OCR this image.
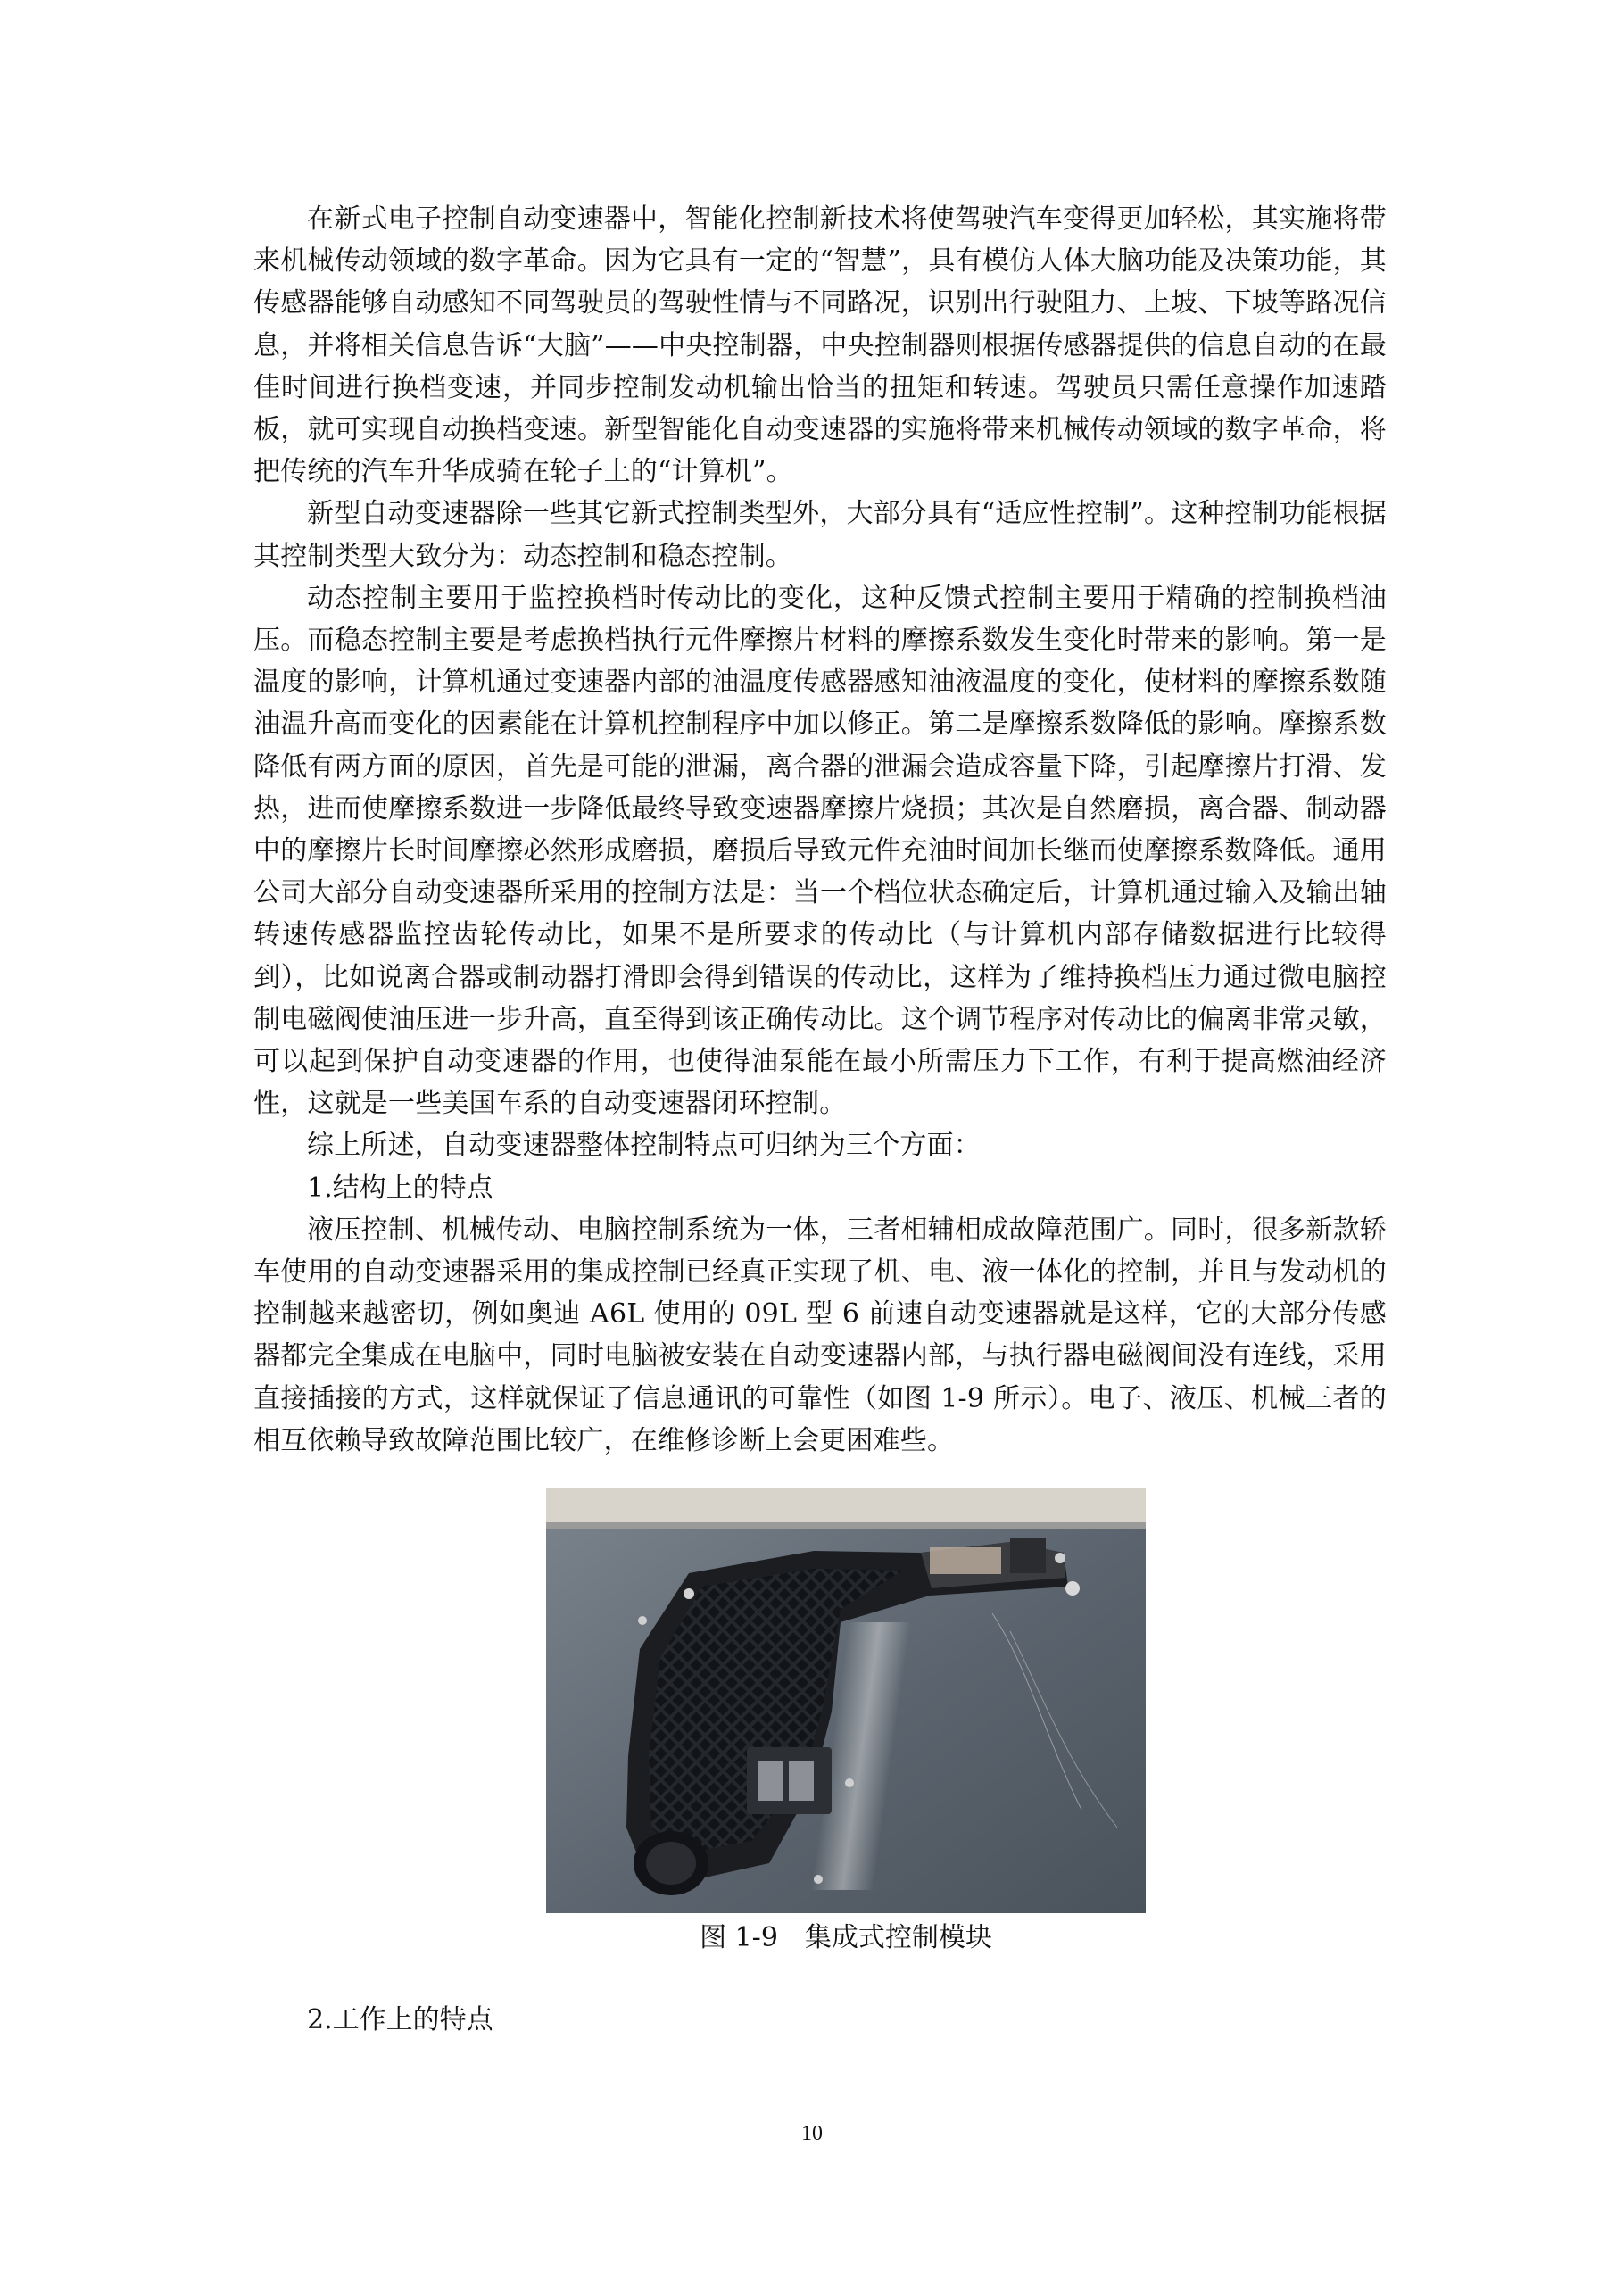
在新式电子控制自动变速器中，智能化控制新技术将使驾驶汽车变得更加轻松，其实施将带来机械传动领域的数字革命。因为它具有一定的“智慧”，具有模仿人体大脑功能及决策功能，其传感器能够自动感知不同驾驶员的驾驶性情与不同路况，识别出行驶阻力、上坡、下坡等路况信息，并将相关信息告诉“大脑”——中央控制器，中央控制器则根据传感器提供的信息自动的在最佳时间进行换档变速，并同步控制发动机输出恰当的扭矩和转速。驾驶员只需任意操作加速踏板，就可实现自动换档变速。新型智能化自动变速器的实施将带来机械传动领域的数字革命，将把传统的汽车升华成骑在轮子上的“计算机”。

新型自动变速器除一些其它新式控制类型外，大部分具有“适应性控制”。这种控制功能根据其控制类型大致分为：动态控制和稳态控制。

动态控制主要用于监控换档时传动比的变化，这种反馈式控制主要用于精确的控制换档油压。而稳态控制主要是考虑换档执行元件摩擦片材料的摩擦系数发生变化时带来的影响。第一是温度的影响，计算机通过变速器内部的油温度传感器感知油液温度的变化，使材料的摩擦系数随油温升高而变化的因素能在计算机控制程序中加以修正。第二是摩擦系数降低的影响。摩擦系数降低有两方面的原因，首先是可能的泄漏，离合器的泄漏会造成容量下降，引起摩擦片打滑、发热，进而使摩擦系数进一步降低最终导致变速器摩擦片烧损；其次是自然磨损，离合器、制动器中的摩擦片长时间摩擦必然形成磨损，磨损后导致元件充油时间加长继而使摩擦系数降低。通用公司大部分自动变速器所采用的控制方法是：当一个档位状态确定后，计算机通过输入及输出轴转速传感器监控齿轮传动比，如果不是所要求的传动比（与计算机内部存储数据进行比较得到），比如说离合器或制动器打滑即会得到错误的传动比，这样为了维持换档压力通过微电脑控制电磁阀使油压进一步升高，直至得到该正确传动比。这个调节程序对传动比的偏离非常灵敏，可以起到保护自动变速器的作用，也使得油泵能在最小所需压力下工作，有利于提高燃油经济性，这就是一些美国车系的自动变速器闭环控制。

综上所述，自动变速器整体控制特点可归纳为三个方面：

1.结构上的特点

液压控制、机械传动、电脑控制系统为一体，三者相辅相成故障范围广。同时，很多新款轿车使用的自动变速器采用的集成控制已经真正实现了机、电、液一体化的控制，并且与发动机的控制越来越密切，例如奥迪 A6L 使用的 09L 型 6 前速自动变速器就是这样，它的大部分传感器都完全集成在电脑中，同时电脑被安装在自动变速器内部，与执行器电磁阀间没有连线，采用直接插接的方式，这样就保证了信息通讯的可靠性（如图 1-9 所示）。电子、液压、机械三者的相互依赖导致故障范围比较广，在维修诊断上会更困难些。

图 1-9　集成式控制模块

2.工作上的特点

10
